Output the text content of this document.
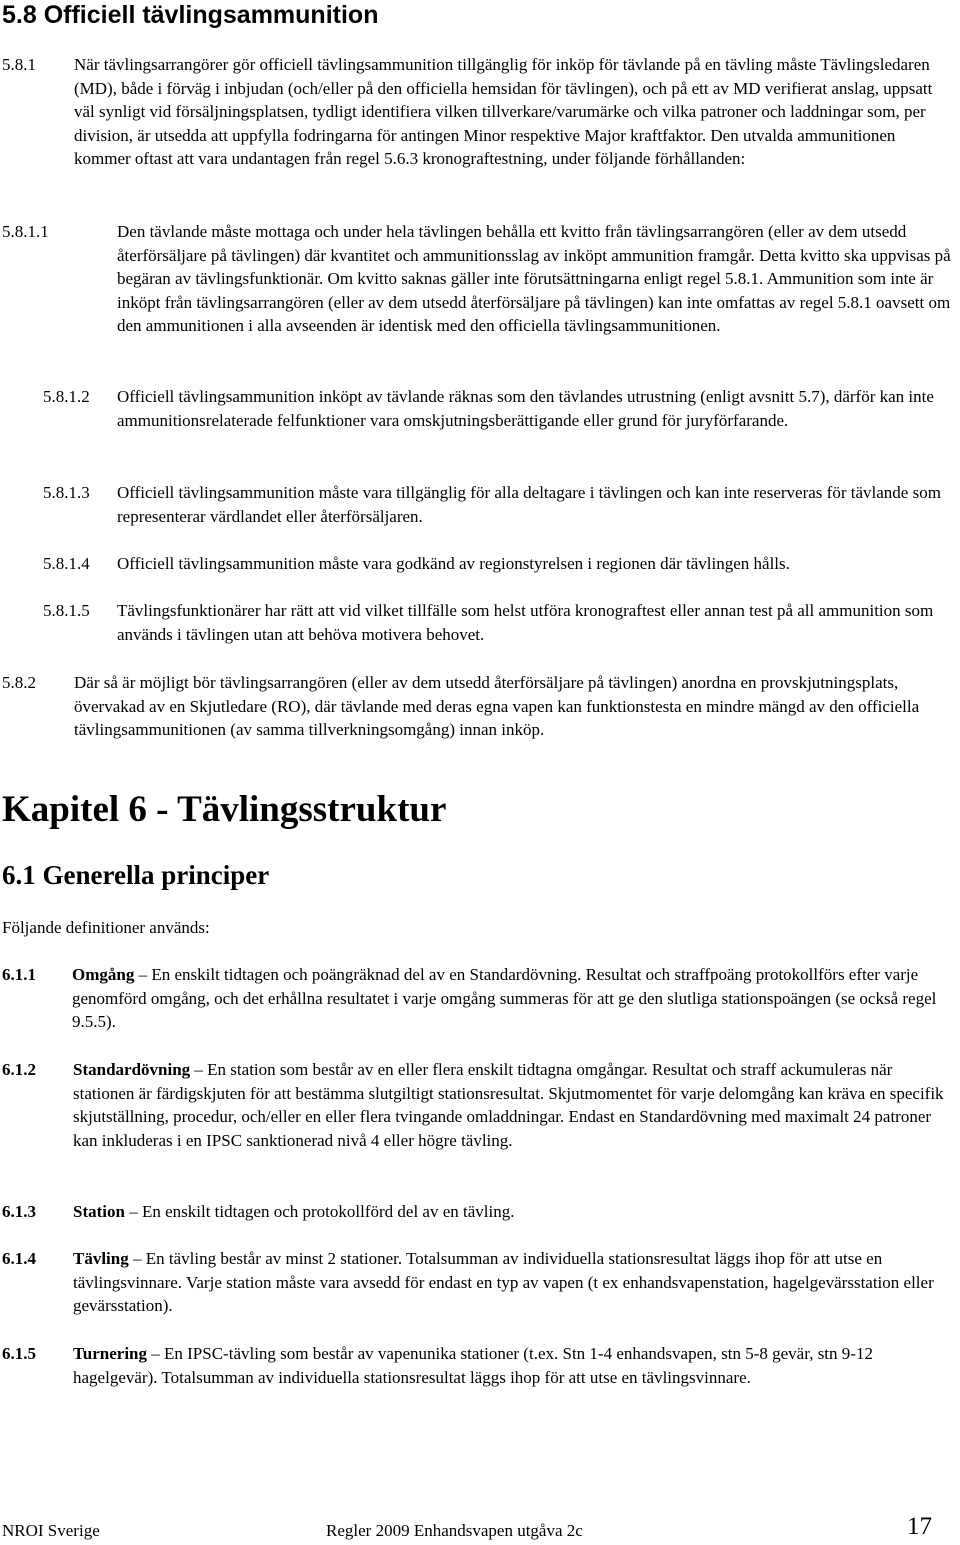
5.8 Officiell tävlingsammunition
5.8.1 När tävlingsarrangörer gör officiell tävlingsammunition tillgänglig för inköp för tävlande på en tävling måste Tävlingsledaren (MD), både i förväg i inbjudan (och/eller på den officiella hemsidan för tävlingen), och på ett av MD verifierat anslag, uppsatt väl synligt vid försäljningsplatsen, tydligt identifiera vilken tillverkare/varumärke och vilka patroner och laddningar som, per division, är utsedda att uppfylla fodringarna för antingen Minor respektive Major kraftfaktor. Den utvalda ammunitionen kommer oftast att vara undantagen från regel 5.6.3 kronograftestning, under följande förhållanden:
5.8.1.1	Den tävlande måste mottaga och under hela tävlingen behålla ett kvitto från tävlingsarrangören (eller av dem utsedd återförsäljare på tävlingen) där kvantitet och ammunitionsslag av inköpt ammunition framgår. Detta kvitto ska uppvisas på begäran av tävlingsfunktionär. Om kvitto saknas gäller inte förutsättningarna enligt regel 5.8.1. Ammunition som inte är inköpt från tävlingsarrangören (eller av dem utsedd återförsäljare på tävlingen) kan inte omfattas av regel 5.8.1 oavsett om den ammunitionen i alla avseenden är identisk med den officiella tävlingsammunitionen.
5.8.1.2 Officiell tävlingsammunition inköpt av tävlande räknas som den tävlandes utrustning (enligt avsnitt 5.7), därför kan inte ammunitionsrelaterade felfunktioner vara omskjutningsberättigande eller grund för juryförfarande.
5.8.1.3 Officiell tävlingsammunition måste vara tillgänglig för alla deltagare i tävlingen och kan inte reserveras för tävlande som representerar värdlandet eller återförsäljaren.
5.8.1.4 Officiell tävlingsammunition måste vara godkänd av regionstyrelsen i regionen där tävlingen hålls.
5.8.1.5 Tävlingsfunktionärer har rätt att vid vilket tillfälle som helst utföra kronograftest eller annan test på all ammunition som används i tävlingen utan att behöva motivera behovet.
5.8.2 Där så är möjligt bör tävlingsarrangören (eller av dem utsedd återförsäljare på tävlingen) anordna en provskjutningsplats, övervakad av en Skjutledare (RO), där tävlande med deras egna vapen kan funktionstesta en mindre mängd av den officiella tävlingsammunitionen (av samma tillverkningsomgång) innan inköp.
Kapitel 6 - Tävlingsstruktur
6.1 Generella principer
Följande definitioner används:
6.1.1 Omgång – En enskilt tidtagen och poängräknad del av en Standardövning. Resultat och straffpoäng protokollförs efter varje genomförd omgång, och det erhållna resultatet i varje omgång summeras för att ge den slutliga stationspoängen (se också regel 9.5.5).
6.1.2 Standardövning – En station som består av en eller flera enskilt tidtagna omgångar. Resultat och straff ackumuleras när stationen är färdigskjuten för att bestämma slutgiltigt stationsresultat. Skjutmomentet för varje delomgång kan kräva en specifik skjutställning, procedur, och/eller en eller flera tvingande omladdningar. Endast en Standardövning med maximalt 24 patroner kan inkluderas i en IPSC sanktionerad nivå 4 eller högre tävling.
6.1.3 Station – En enskilt tidtagen och protokollförd del av en tävling.
6.1.4 Tävling – En tävling består av minst 2 stationer. Totalsumman av individuella stationsresultat läggs ihop för att utse en tävlingsvinnare. Varje station måste vara avsedd för endast en typ av vapen (t ex enhandsvapenstation, hagelgevärsstation eller gevärsstation).
6.1.5 Turnering – En IPSC-tävling som består av vapenunika stationer (t.ex. Stn 1-4 enhandsvapen, stn 5-8 gevär, stn 9-12 hagelgevär). Totalsumman av individuella stationsresultat läggs ihop för att utse en tävlingsvinnare.
NROI Sverige	Regler 2009 Enhandsvapen utgåva 2c	17
